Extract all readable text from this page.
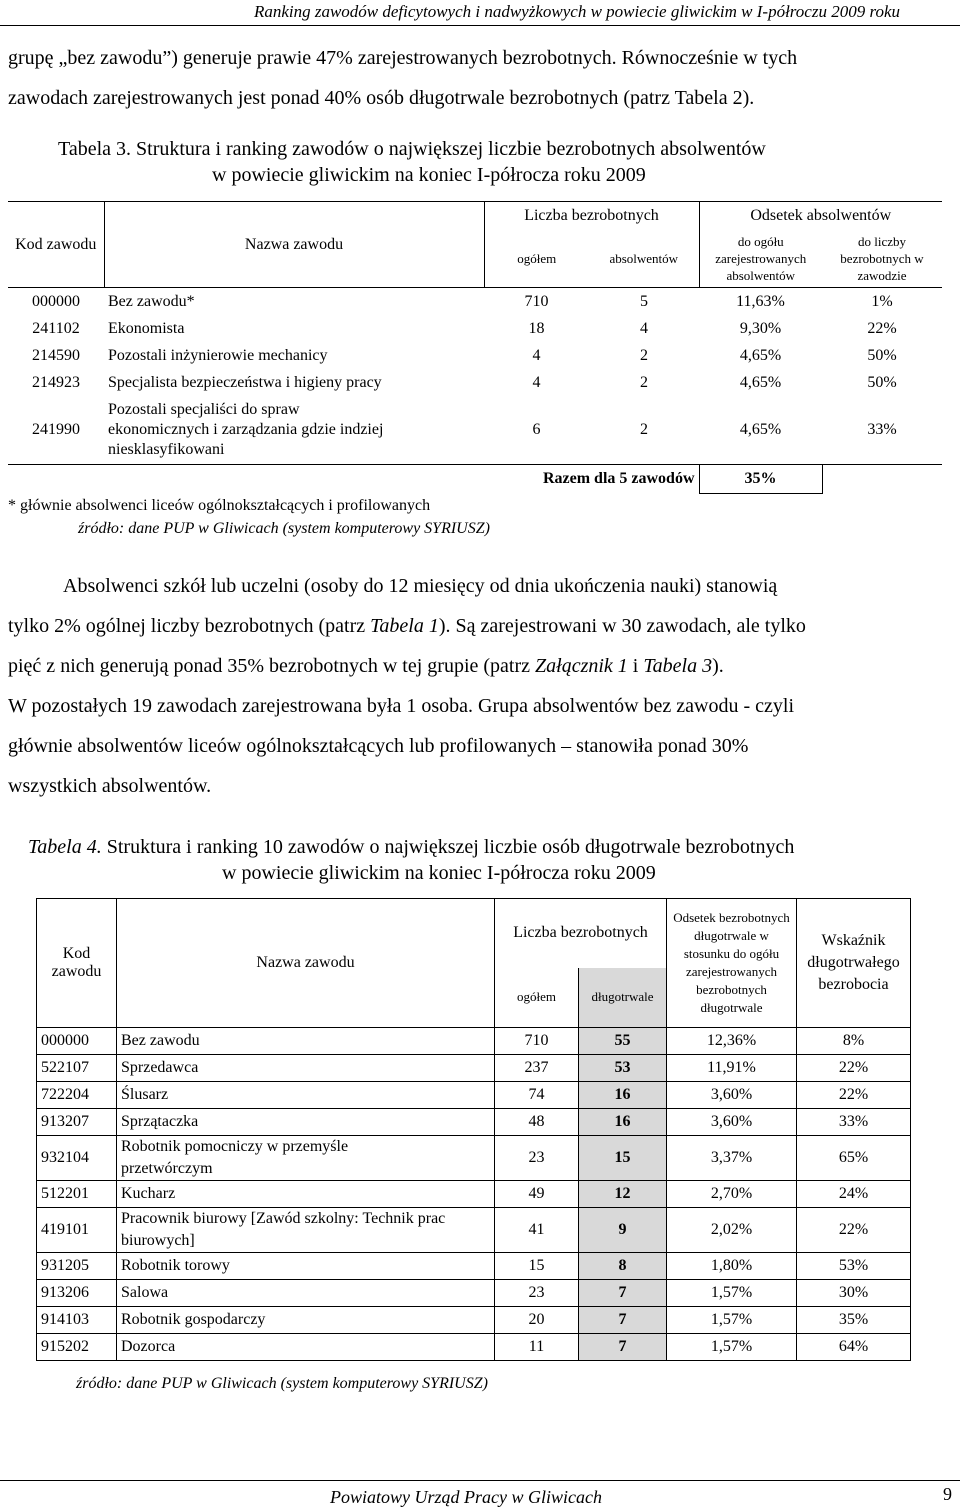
Ranking zawodów deficytowych i nadwyżkowych w powiecie gliwickim w I-półroczu 2009 roku

grupę „bez zawodu”) generuje prawie 47% zarejestrowanych bezrobotnych. Równocześnie w tych

zawodach zarejestrowanych jest ponad 40% osób długotrwale bezrobotnych (patrz Tabela 2).

Tabela 3. Struktura i ranking zawodów o największej liczbie bezrobotnych absolwentów
w powiecie gliwickim na koniec I-półrocza roku 2009
Kod zawodu	Nazwa zawodu	Liczba bezrobotnych		Odsetek absolwentów	
		ogółem	absolwentów	do ogółu zarejestrowanych absolwentów	do liczby bezrobotnych w zawodzie
000000	Bez zawodu*	710	5	11,63%	1%
241102	Ekonomista	18	4	9,30%	22%
214590	Pozostali inżynierowie mechanicy	4	2	4,65%	50%
214923	Specjalista bezpieczeństwa i higieny pracy	4	2	4,65%	50%
241990	Pozostali specjaliści do spraw ekonomicznych i zarządzania gdzie indziej niesklasyfikowani	6	2	4,65%	33%
Razem dla 5 zawodów				35%	
* głównie absolwenci liceów ogólnokształcących i profilowanych
źródło: dane PUP w Gliwicach (system komputerowy SYRIUSZ)

Absolwenci szkół lub uczelni (osoby do 12 miesięcy od dnia ukończenia nauki) stanowią

tylko 2% ogólnej liczby bezrobotnych (patrz Tabela 1). Są zarejestrowani w 30 zawodach, ale tylko

pięć z nich generują ponad 35% bezrobotnych w tej grupie (patrz Załącznik 1 i Tabela 3).

W pozostałych 19 zawodach zarejestrowana była 1 osoba. Grupa absolwentów bez zawodu - czyli

głównie absolwentów liceów ogólnokształcących lub profilowanych – stanowiła ponad 30%

wszystkich absolwentów.

Tabela 4. Struktura i ranking 10 zawodów o największej liczbie osób długotrwale bezrobotnych
w powiecie gliwickim na koniec I-półrocza roku 2009
Kod zawodu	Nazwa zawodu	Liczba bezrobotnych		Odsetek bezrobotnych długotrwale w stosunku do ogółu zarejestrowanych bezrobotnych długotrwale	Wskaźnik długotrwałego bezrobocia
		ogółem	długotrwale		
000000	Bez zawodu	710	55	12,36%	8%
522107	Sprzedawca	237	53	11,91%	22%
722204	Ślusarz	74	16	3,60%	22%
913207	Sprzątaczka	48	16	3,60%	33%
932104	Robotnik pomocniczy w przemyśle przetwórczym	23	15	3,37%	65%
512201	Kucharz	49	12	2,70%	24%
419101	Pracownik biurowy [Zawód szkolny: Technik prac biurowych]	41	9	2,02%	22%
931205	Robotnik torowy	15	8	1,80%	53%
913206	Salowa	23	7	1,57%	30%
914103	Robotnik gospodarczy	20	7	1,57%	35%
915202	Dozorca	11	7	1,57%	64%
źródło: dane PUP w Gliwicach (system komputerowy SYRIUSZ)
Powiatowy Urząd Pracy w Gliwicach	9
